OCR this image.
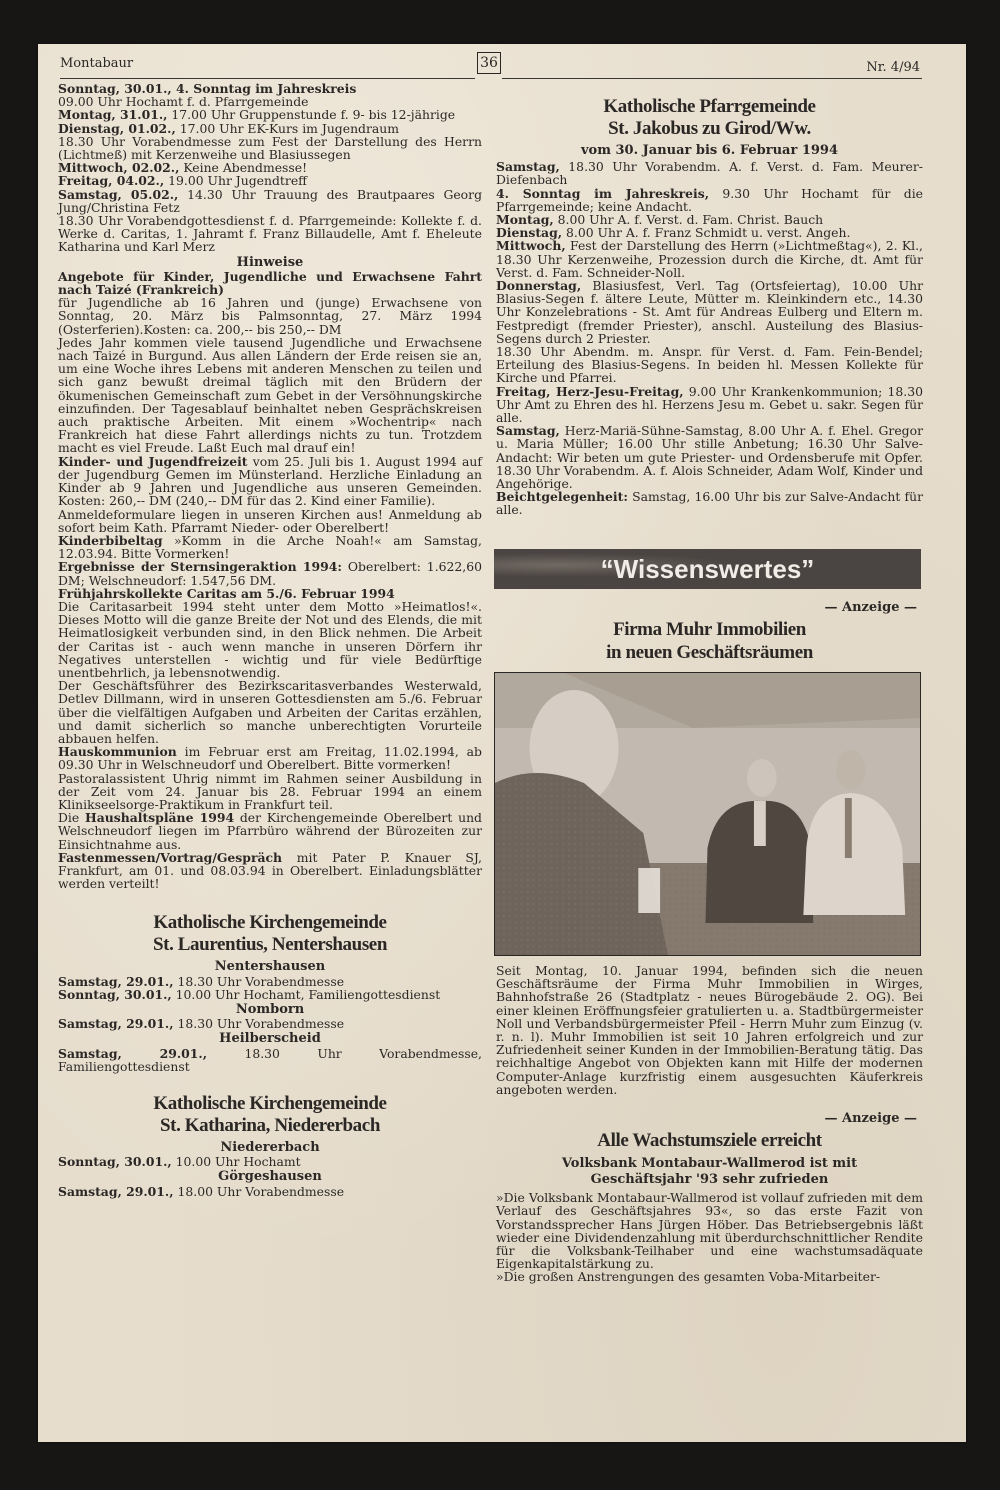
Montabaur	36	Nr. 4/94

Sonntag, 30.01., 4. Sonntag im Jahreskreis

09.00 Uhr Hochamt f. d. Pfarrgemeinde

Montag, 31.01., 17.00 Uhr Gruppenstunde f. 9- bis 12-jährige

Dienstag, 01.02., 17.00 Uhr EK-Kurs im Jugendraum

18.30 Uhr Vorabendmesse zum Fest der Darstellung des Herrn (Lichtmeß) mit Kerzenweihe und Blasiussegen

Mittwoch, 02.02., Keine Abendmesse!

Freitag, 04.02., 19.00 Uhr Jugendtreff

Samstag, 05.02., 14.30 Uhr Trauung des Brautpaares Georg Jung/Christina Fetz

18.30 Uhr Vorabendgottesdienst f. d. Pfarrgemeinde: Kollekte f. d. Werke d. Caritas, 1. Jahramt f. Franz Billaudelle, Amt f. Eheleute Katharina und Karl Merz

Hinweise

Angebote für Kinder, Jugendliche und Erwachsene Fahrt nach Taizé (Frankreich)

für Jugendliche ab 16 Jahren und (junge) Erwachsene von Sonntag, 20. März bis Palmsonntag, 27. März 1994 (Osterferien).Kosten: ca. 200,-- bis 250,-- DM

Jedes Jahr kommen viele tausend Jugendliche und Erwachsene nach Taizé in Burgund. Aus allen Ländern der Erde reisen sie an, um eine Woche ihres Lebens mit anderen Menschen zu teilen und sich ganz bewußt dreimal täglich mit den Brüdern der ökumenischen Gemeinschaft zum Gebet in der Versöhnungskirche einzufinden. Der Tagesablauf beinhaltet neben Gesprächskreisen auch praktische Arbeiten. Mit einem »Wochentrip« nach Frankreich hat diese Fahrt allerdings nichts zu tun. Trotzdem macht es viel Freude. Laßt Euch mal drauf ein!

Kinder- und Jugendfreizeit vom 25. Juli bis 1. August 1994 auf der Jugendburg Gemen im Münsterland. Herzliche Einladung an Kinder ab 9 Jahren und Jugendliche aus unseren Gemeinden. Kosten: 260,-- DM (240,-- DM für das 2. Kind einer Familie).

Anmeldeformulare liegen in unseren Kirchen aus! Anmeldung ab sofort beim Kath. Pfarramt Nieder- oder Oberelbert!

Kinderbibeltag »Komm in die Arche Noah!« am Samstag, 12.03.94. Bitte Vormerken!

Ergebnisse der Sternsingeraktion 1994: Oberelbert: 1.622,60 DM; Welschneudorf: 1.547,56 DM.

Frühjahrskollekte Caritas am 5./6. Februar 1994

Die Caritasarbeit 1994 steht unter dem Motto »Heimatlos!«. Dieses Motto will die ganze Breite der Not und des Elends, die mit Heimatlosigkeit verbunden sind, in den Blick nehmen. Die Arbeit der Caritas ist - auch wenn manche in unseren Dörfern ihr Negatives unterstellen - wichtig und für viele Bedürftige unentbehrlich, ja lebensnotwendig.

Der Geschäftsführer des Bezirkscaritasverbandes Westerwald, Detlev Dillmann, wird in unseren Gottesdiensten am 5./6. Februar über die vielfältigen Aufgaben und Arbeiten der Caritas erzählen, und damit sicherlich so manche unberechtigten Vorurteile abbauen helfen.

Hauskommunion im Februar erst am Freitag, 11.02.1994, ab 09.30 Uhr in Welschneudorf und Oberelbert. Bitte vormerken!

Pastoralassistent Uhrig nimmt im Rahmen seiner Ausbildung in der Zeit vom 24. Januar bis 28. Februar 1994 an einem Klinikseelsorge-Praktikum in Frankfurt teil.

Die Haushaltspläne 1994 der Kirchengemeinde Oberelbert und Welschneudorf liegen im Pfarrbüro während der Bürozeiten zur Einsichtnahme aus.

Fastenmessen/Vortrag/Gespräch mit Pater P. Knauer SJ, Frankfurt, am 01. und 08.03.94 in Oberelbert. Einladungsblätter werden verteilt!

Katholische Kirchengemeinde
St. Laurentius, Nentershausen
Nentershausen

Samstag, 29.01., 18.30 Uhr Vorabendmesse

Sonntag, 30.01., 10.00 Uhr Hochamt, Familiengottesdienst

Nomborn

Samstag, 29.01., 18.30 Uhr Vorabendmesse

Heilberscheid

Samstag, 29.01., 18.30 Uhr Vorabendmesse, Familiengottesdienst

Katholische Kirchengemeinde
St. Katharina, Niedererbach
Niedererbach

Sonntag, 30.01., 10.00 Uhr Hochamt

Görgeshausen

Samstag, 29.01., 18.00 Uhr Vorabendmesse

Katholische Pfarrgemeinde
St. Jakobus zu Girod/Ww.
vom 30. Januar bis 6. Februar 1994

Samstag, 18.30 Uhr Vorabendm. A. f. Verst. d. Fam. Meurer-Diefenbach

4. Sonntag im Jahreskreis, 9.30 Uhr Hochamt für die Pfarrgemeinde; keine Andacht.

Montag, 8.00 Uhr A. f. Verst. d. Fam. Christ. Bauch

Dienstag, 8.00 Uhr A. f. Franz Schmidt u. verst. Angeh.

Mittwoch, Fest der Darstellung des Herrn (»Lichtmeßtag«), 2. Kl., 18.30 Uhr Kerzenweihe, Prozession durch die Kirche, dt. Amt für Verst. d. Fam. Schneider-Noll.

Donnerstag, Blasiusfest, Verl. Tag (Ortsfeiertag), 10.00 Uhr Blasius-Segen f. ältere Leute, Mütter m. Kleinkindern etc., 14.30 Uhr Konzelebrations - St. Amt für Andreas Eulberg und Eltern m. Festpredigt (fremder Priester), anschl. Austeilung des Blasius-Segens durch 2 Priester.

18.30 Uhr Abendm. m. Anspr. für Verst. d. Fam. Fein-Bendel; Erteilung des Blasius-Segens. In beiden hl. Messen Kollekte für Kirche und Pfarrei.

Freitag, Herz-Jesu-Freitag, 9.00 Uhr Krankenkommunion; 18.30 Uhr Amt zu Ehren des hl. Herzens Jesu m. Gebet u. sakr. Segen für alle.

Samstag, Herz-Mariä-Sühne-Samstag, 8.00 Uhr A. f. Ehel. Gregor u. Maria Müller; 16.00 Uhr stille Anbetung; 16.30 Uhr Salve-Andacht: Wir beten um gute Priester- und Ordensberufe mit Opfer. 18.30 Uhr Vorabendm. A. f. Alois Schneider, Adam Wolf, Kinder und Angehörige.

Beichtgelegenheit: Samstag, 16.00 Uhr bis zur Salve-Andacht für alle.

“Wissenswertes”
— Anzeige —
Firma Muhr Immobilien
in neuen Geschäftsräumen

Seit Montag, 10. Januar 1994, befinden sich die neuen Geschäftsräume der Firma Muhr Immobilien in Wirges, Bahnhofstraße 26 (Stadtplatz - neues Bürogebäude 2. OG). Bei einer kleinen Eröffnungsfeier gratulierten u. a. Stadtbürgermeister Noll und Verbandsbürgermeister Pfeil - Herrn Muhr zum Einzug (v. r. n. l). Muhr Immobilien ist seit 10 Jahren erfolgreich und zur Zufriedenheit seiner Kunden in der Immobilien-Beratung tätig. Das reichhaltige Angebot von Objekten kann mit Hilfe der modernen Computer-Anlage kurzfristig einem ausgesuchten Käuferkreis angeboten werden.

— Anzeige —
Alle Wachstumsziele erreicht
Volksbank Montabaur-Wallmerod ist mit
Geschäftsjahr '93 sehr zufrieden

»Die Volksbank Montabaur-Wallmerod ist vollauf zufrieden mit dem Verlauf des Geschäftsjahres 93«, so das erste Fazit von Vorstandssprecher Hans Jürgen Höber. Das Betriebsergebnis läßt wieder eine Dividendenzahlung mit überdurchschnittlicher Rendite für die Volksbank-Teilhaber und eine wachstumsadäquate Eigenkapitalstärkung zu.

»Die großen Anstrengungen des gesamten Voba-Mitarbeiter-
